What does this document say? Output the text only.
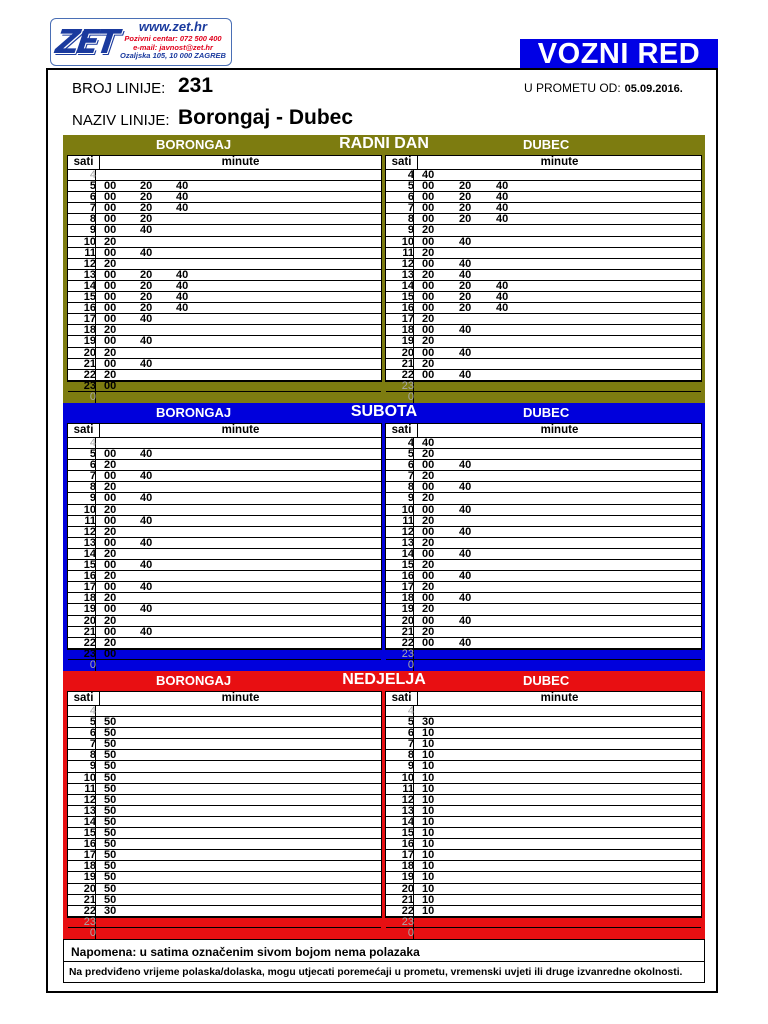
ZET	www.zet.hr
Pozivni centar: 072 500 400
e-mail: javnost@zet.hr
Ozaljska 105, 10 000 ZAGREB	VOZNI RED
BROJ LINIJE: 231
NAZIV LINIJE: Borongaj - Dubec
U PROMETU OD: 05.09.2016.
BORONGAJ	RADNI DAN	DUBEC
sati	minute
4
5 00 20 40
6 00 20 40
7 00 20 40
8 00 20
9 00 40
10 20
11 00 40
12 20
13 00 20 40
14 00 20 40
15 00 20 40
16 00 20 40
17 00 40
18 20
19 00 40
20 20
21 00 40
22 20
23 00
0
sati	minute
4 40
5 00 20 40
6 00 20 40
7 00 20 40
8 00 20 40
9 20
10 00 40
11 20
12 00 40
13 20 40
14 00 20 40
15 00 20 40
16 00 20 40
17 20
18 00 40
19 20
20 00 40
21 20
22 00 40
23
0
BORONGAJ	SUBOTA	DUBEC
sati	minute
4
5 00 40
6 20
7 00 40
8 20
9 00 40
10 20
11 00 40
12 20
13 00 40
14 20
15 00 40
16 20
17 00 40
18 20
19 00 40
20 20
21 00 40
22 20
23 00
0
sati	minute
4 40
5 20
6 00 40
7 20
8 00 40
9 20
10 00 40
11 20
12 00 40
13 20
14 00 40
15 20
16 00 40
17 20
18 00 40
19 20
20 00 40
21 20
22 00 40
23
0
BORONGAJ	NEDJELJA	DUBEC
sati	minute
4
5 50
6 50
7 50
8 50
9 50
10 50
11 50
12 50
13 50
14 50
15 50
16 50
17 50
18 50
19 50
20 50
21 50
22 30
23
0
sati	minute
4
5 30
6 10
7 10
8 10
9 10
10 10
11 10
12 10
13 10
14 10
15 10
16 10
17 10
18 10
19 10
20 10
21 10
22 10
23
0
Napomena: u satima označenim sivom bojom nema polazaka
Na predviđeno vrijeme polaska/dolaska, mogu utjecati poremećaji u prometu, vremenski uvjeti ili druge izvanredne okolnosti.
